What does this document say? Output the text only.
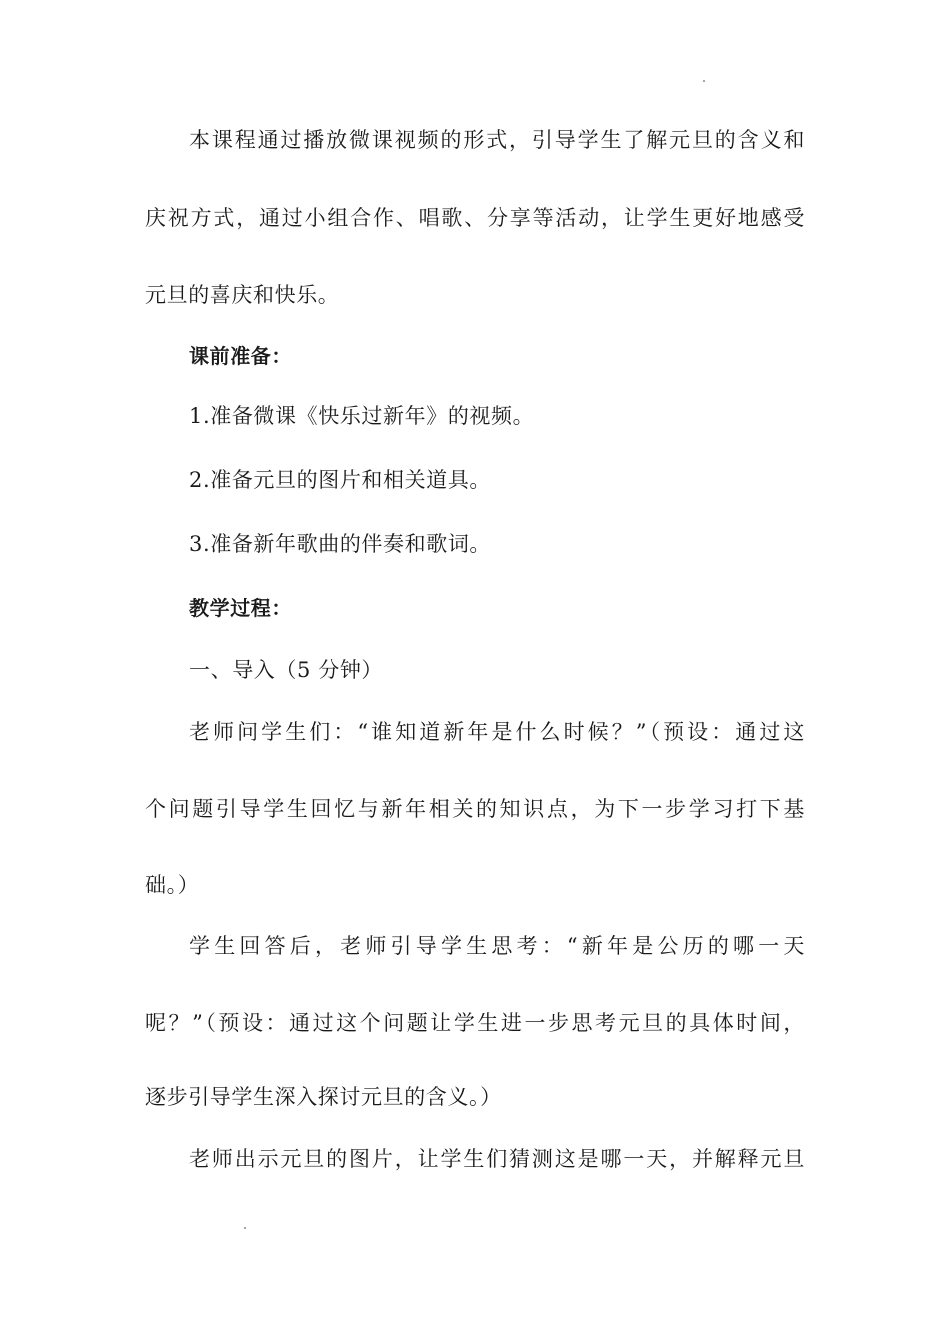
本课程通过播放微课视频的形式，引导学生了解元旦的含义和
庆祝方式，通过小组合作、唱歌、分享等活动，让学生更好地感受
元旦的喜庆和快乐。
课前准备：
1.准备微课《快乐过新年》的视频。
2.准备元旦的图片和相关道具。
3.准备新年歌曲的伴奏和歌词。
教学过程：
一、导入（5 分钟）
老师问学生们：“谁知道新年是什么时候？”（预设：通过这
个问题引导学生回忆与新年相关的知识点，为下一步学习打下基
础。）
学生回答后，老师引导学生思考：“新年是公历的哪一天
呢？”（预设：通过这个问题让学生进一步思考元旦的具体时间，
逐步引导学生深入探讨元旦的含义。）
老师出示元旦的图片，让学生们猜测这是哪一天，并解释元旦
